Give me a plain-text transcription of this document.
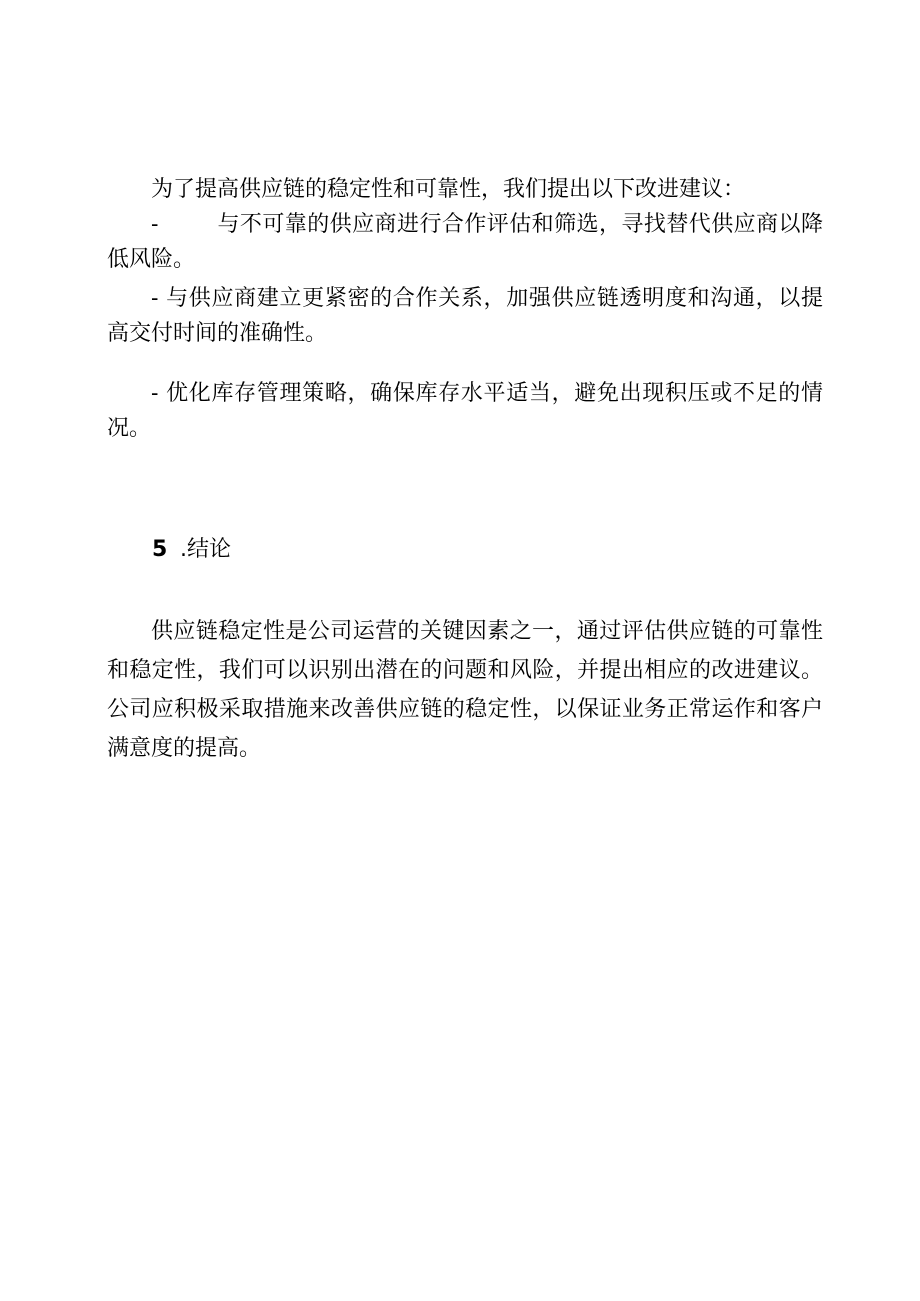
为了提高供应链的稳定性和可靠性，我们提出以下改进建议：

-	与不可靠的供应商进行合作评估和筛选，寻找替代供应商以降低风险。

- 与供应商建立更紧密的合作关系，加强供应链透明度和沟通，以提高交付时间的准确性。

- 优化库存管理策略，确保库存水平适当，避免出现积压或不足的情况。

5 .结论

供应链稳定性是公司运营的关键因素之一，通过评估供应链的可靠性和稳定性，我们可以识别出潜在的问题和风险，并提出相应的改进建议。公司应积极采取措施来改善供应链的稳定性，以保证业务正常运作和客户满意度的提高。
